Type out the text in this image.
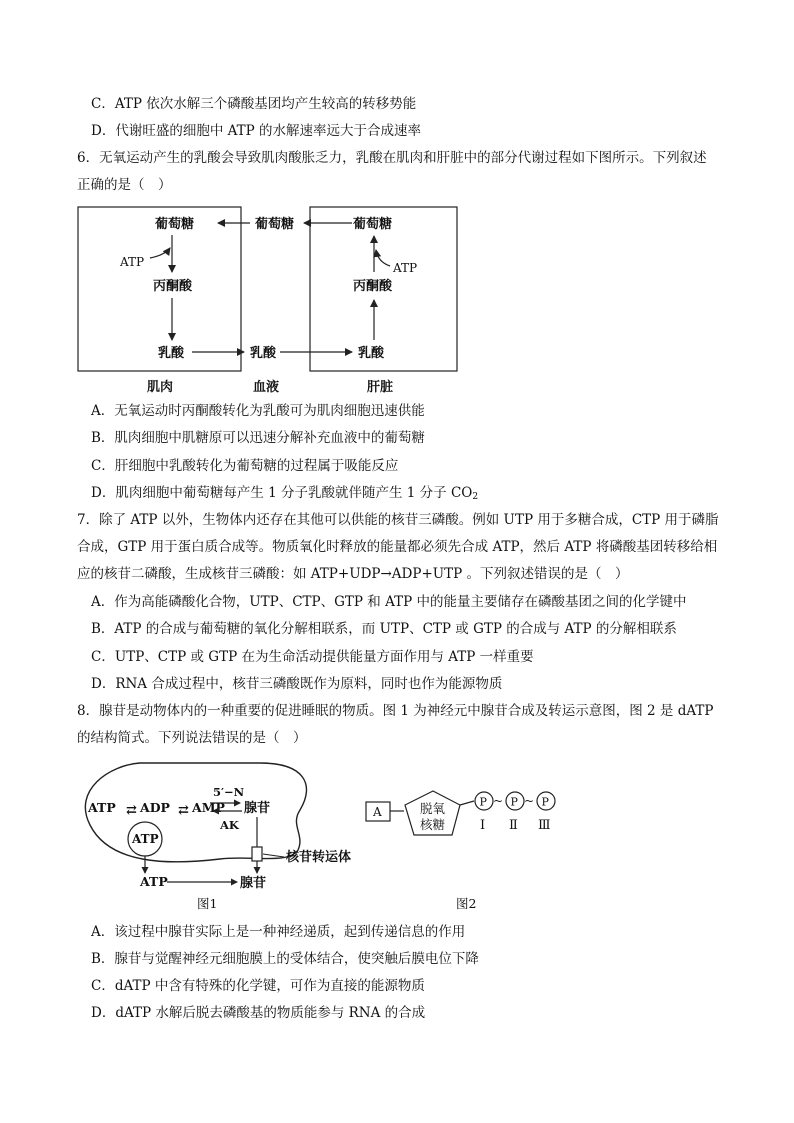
C．ATP 依次水解三个磷酸基团均产生较高的转移势能
D．代谢旺盛的细胞中 ATP 的水解速率远大于合成速率
6．无氧运动产生的乳酸会导致肌肉酸胀乏力，乳酸在肌肉和肝脏中的部分代谢过程如下图所示。下列叙述
正确的是（　）
葡萄糖
ATP
丙酮酸
乳酸
葡萄糖
乳酸
葡萄糖
ATP
丙酮酸
乳酸
肌肉	血液	肝脏
A．无氧运动时丙酮酸转化为乳酸可为肌肉细胞迅速供能
B．肌肉细胞中肌糖原可以迅速分解补充血液中的葡萄糖
C．肝细胞中乳酸转化为葡萄糖的过程属于吸能反应
D．肌肉细胞中葡萄糖每产生 1 分子乳酸就伴随产生 1 分子 $CO_2$
7．除了 ATP 以外，生物体内还存在其他可以供能的核苷三磷酸。例如 UTP 用于多糖合成，CTP 用于磷脂
合成，GTP 用于蛋白质合成等。物质氧化时释放的能量都必须先合成 ATP，然后 ATP 将磷酸基团转移给相
应的核苷二磷酸，生成核苷三磷酸：如 ATP+UDP→ADP+UTP 。下列叙述错误的是（　）
A．作为高能磷酸化合物，UTP、CTP、GTP 和 ATP 中的能量主要储存在磷酸基团之间的化学键中
B．ATP 的合成与葡萄糖的氧化分解相联系，而 UTP、CTP 或 GTP 的合成与 ATP 的分解相联系
C．UTP、CTP 或 GTP 在为生命活动提供能量方面作用与 ATP 一样重要
D．RNA 合成过程中，核苷三磷酸既作为原料，同时也作为能源物质
8．腺苷是动物体内的一种重要的促进睡眠的物质。图 1 为神经元中腺苷合成及转运示意图，图 2 是 dATP
的结构简式。下列说法错误的是（　）
ATP ⇄ ADP ⇄ AMP
5′−N
AK
腺苷
ATP
核苷转运体
ATP	腺苷
图1
A	脱氧
核糖
P ~ P ~ P
Ⅰ Ⅱ Ⅲ
图2
A．该过程中腺苷实际上是一种神经递质，起到传递信息的作用
B．腺苷与觉醒神经元细胞膜上的受体结合，使突触后膜电位下降
C．dATP 中含有特殊的化学键，可作为直接的能源物质
D．dATP 水解后脱去磷酸基的物质能参与 RNA 的合成
